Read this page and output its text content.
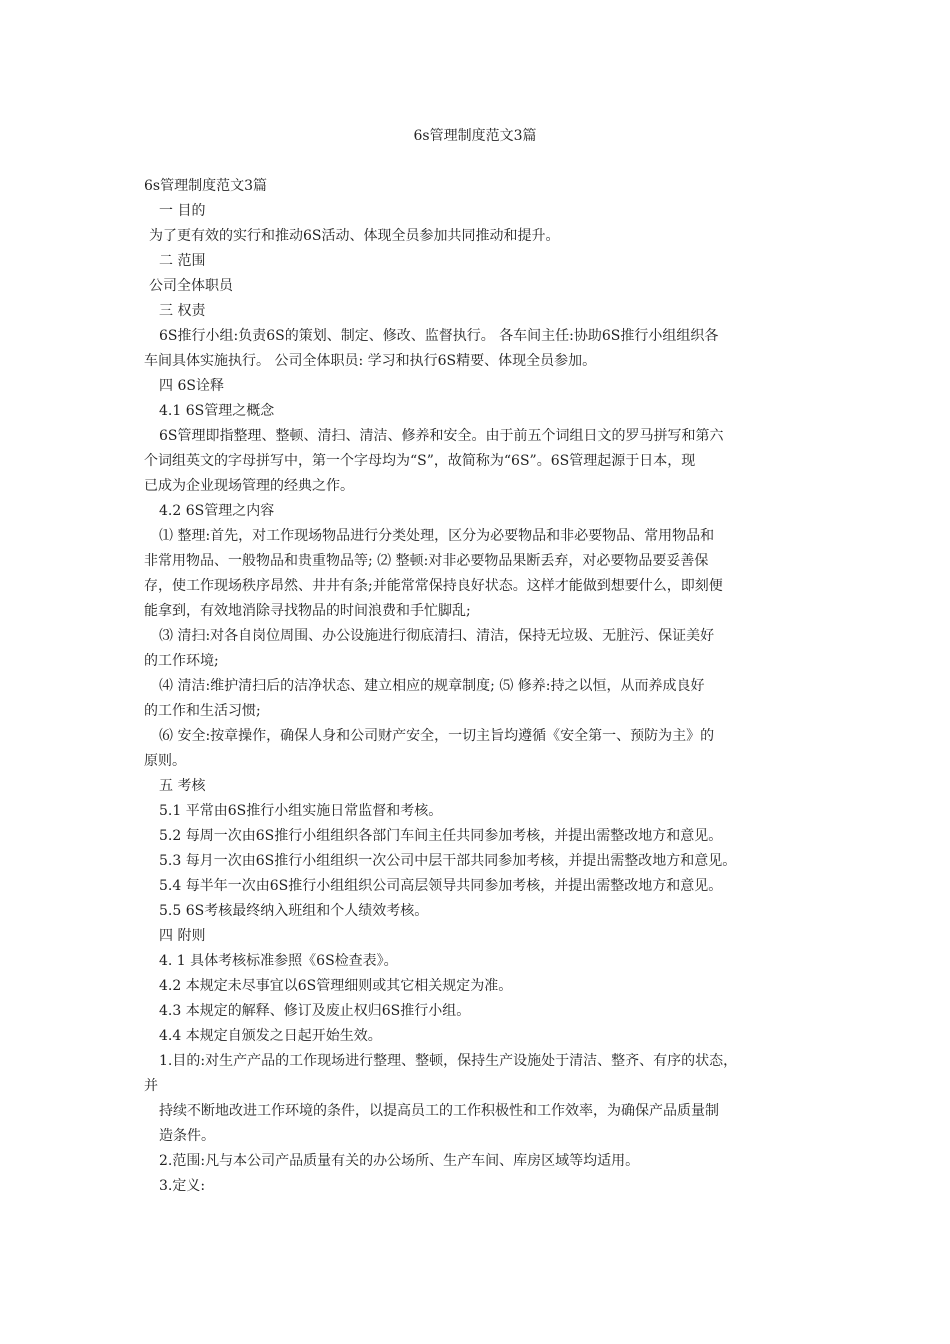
6s管理制度范文3篇
6s管理制度范文3篇
一 目的
为了更有效的实行和推动6S活动、体现全员参加共同推动和提升。
二 范围
公司全体职员
三 权责
6S推行小组:负责6S的策划、制定、修改、监督执行。 各车间主任:协助6S推行小组组织各
车间具体实施执行。 公司全体职员: 学习和执行6S精要、体现全员参加。
四 6S诠释
4.1 6S管理之概念
6S管理即指整理、整顿、清扫、清洁、修养和安全。由于前五个词组日文的罗马拼写和第六
个词组英文的字母拼写中，第一个字母均为“S”，故简称为“6S”。6S管理起源于日本，现
已成为企业现场管理的经典之作。
4.2 6S管理之内容
⑴ 整理:首先，对工作现场物品进行分类处理，区分为必要物品和非必要物品、常用物品和
非常用物品、一般物品和贵重物品等; ⑵ 整顿:对非必要物品果断丢弃，对必要物品要妥善保
存，使工作现场秩序昂然、井井有条;并能常常保持良好状态。这样才能做到想要什么，即刻便
能拿到，有效地消除寻找物品的时间浪费和手忙脚乱;
⑶ 清扫:对各自岗位周围、办公设施进行彻底清扫、清洁，保持无垃圾、无脏污、保证美好
的工作环境;
⑷ 清洁:维护清扫后的洁净状态、建立相应的规章制度; ⑸ 修养:持之以恒，从而养成良好
的工作和生活习惯;
⑹ 安全:按章操作，确保人身和公司财产安全，一切主旨均遵循《安全第一、预防为主》的
原则。
五 考核
5.1 平常由6S推行小组实施日常监督和考核。
5.2 每周一次由6S推行小组组织各部门车间主任共同参加考核，并提出需整改地方和意见。
5.3 每月一次由6S推行小组组织一次公司中层干部共同参加考核，并提出需整改地方和意见。
5.4 每半年一次由6S推行小组组织公司高层领导共同参加考核，并提出需整改地方和意见。
5.5 6S考核最终纳入班组和个人绩效考核。
四 附则
4. 1 具体考核标准参照《6S检查表》。
4.2 本规定未尽事宜以6S管理细则或其它相关规定为准。
4.3 本规定的解释、修订及废止权归6S推行小组。
4.4 本规定自颁发之日起开始生效。
1.目的:对生产产品的工作现场进行整理、整顿，保持生产设施处于清洁、整齐、有序的状态，
并
持续不断地改进工作环境的条件，以提高员工的工作积极性和工作效率，为确保产品质量制
造条件。
2.范围:凡与本公司产品质量有关的办公场所、生产车间、库房区域等均适用。
3.定义:
